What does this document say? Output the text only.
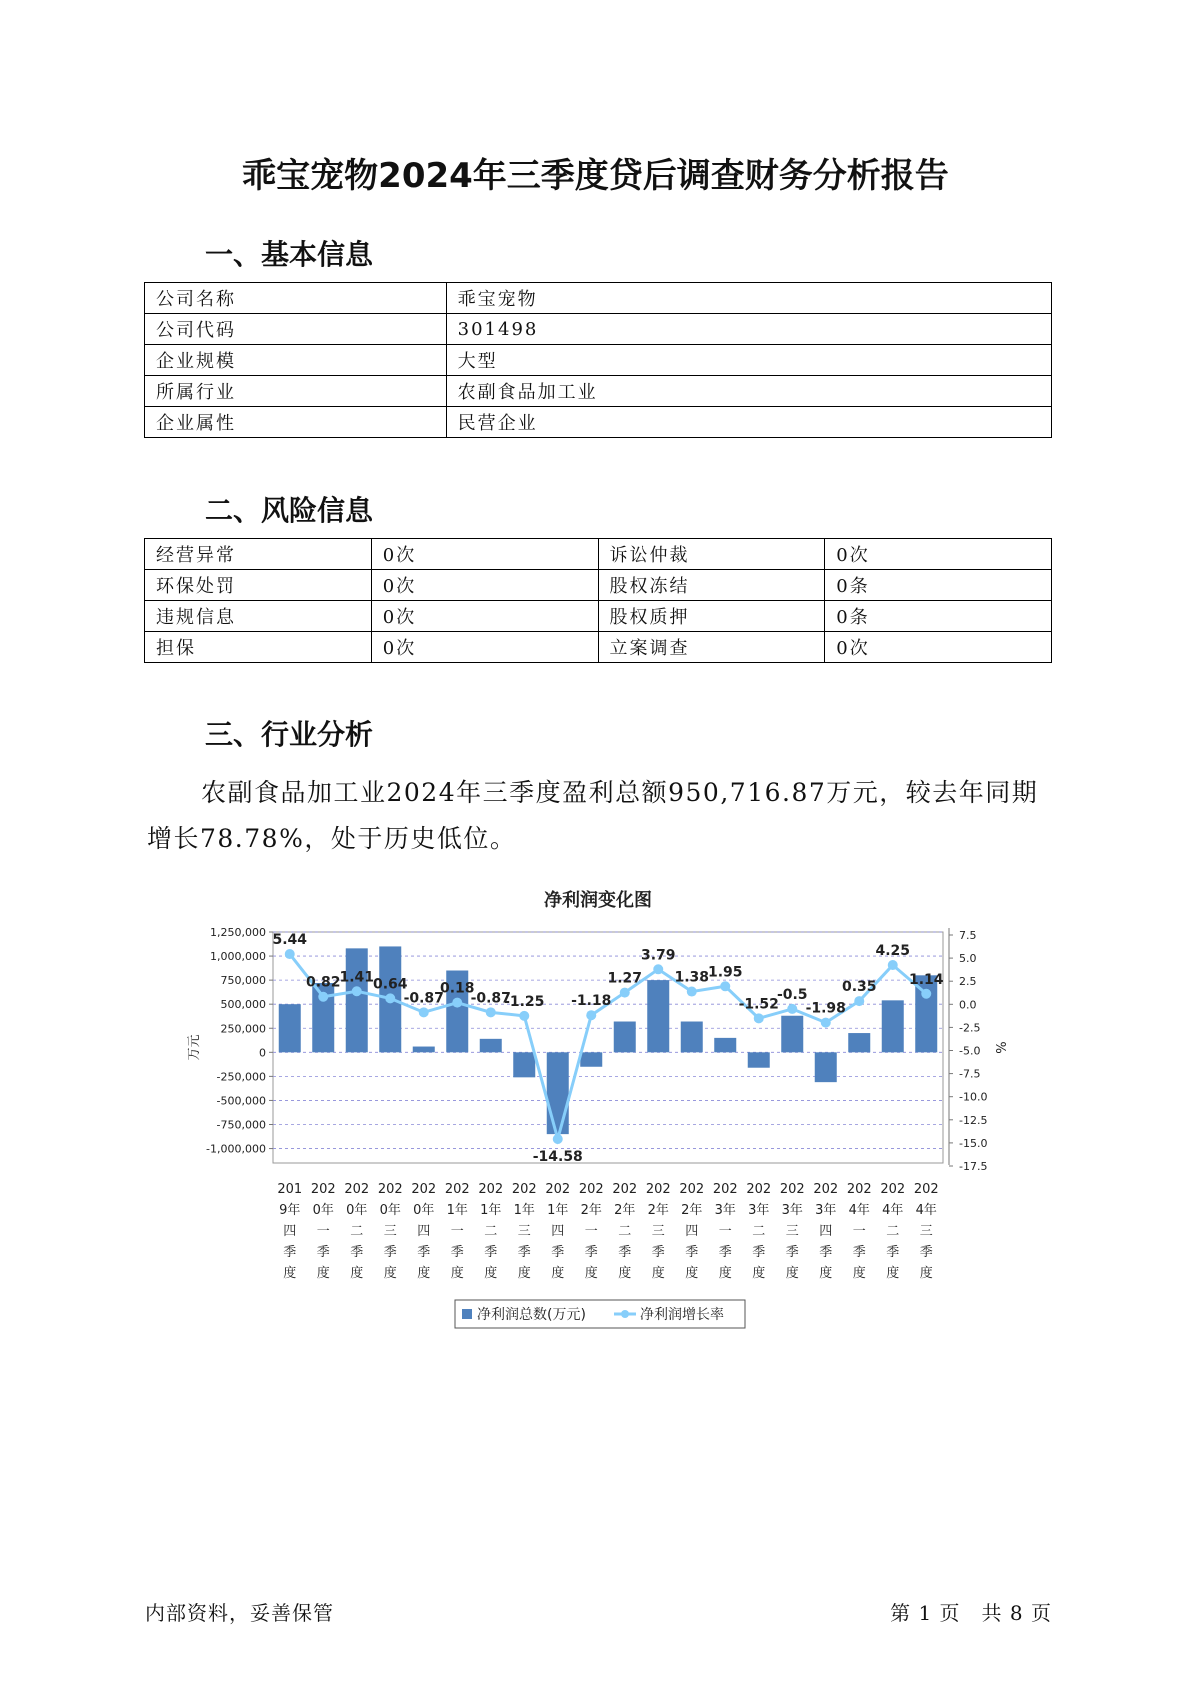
乖宝宠物2024年三季度贷后调查财务分析报告
一、基本信息
公司名称	乖宝宠物
公司代码	301498
企业规模	大型
所属行业	农副食品加工业
企业属性	民营企业
二、风险信息
经营异常	0次	诉讼仲裁	0次
环保处罚	0次	股权冻结	0条
违规信息	0次	股权质押	0条
担保	0次	立案调查	0次
三、行业分析
农副食品加工业2024年三季度盈利总额950,716.87万元，较去年同期增长78.78%，处于历史低位。
净利润变化图
1,250,000
1,000,000
750,000
500,000
250,000
0
-250,000
-500,000
-750,000
-1,000,000
7.5
5.0
2.5
0.0
-2.5
-5.0
-7.5
-10.0
-12.5
-15.0
-17.5
万元	%
5.44
0.82
1.41
0.64
-0.87
0.18
-0.87
-1.25
-14.58
-1.18
1.27
3.79
1.38
1.95
-1.52
-0.5
-1.98
0.35
4.25
1.14
201 9年四季度
202 0年一季度
202 0年二季度
202 0年三季度
202 0年四季度
202 1年一季度
202 1年二季度
202 1年三季度
202 1年四季度
202 2年一季度
202 2年二季度
202 2年三季度
202 2年四季度
202 3年一季度
202 3年二季度
202 3年三季度
202 3年四季度
202 4年一季度
202 4年二季度
202 4年三季度
净利润总数(万元)	净利润增长率
内部资料，妥善保管	第 1 页　共 8 页
